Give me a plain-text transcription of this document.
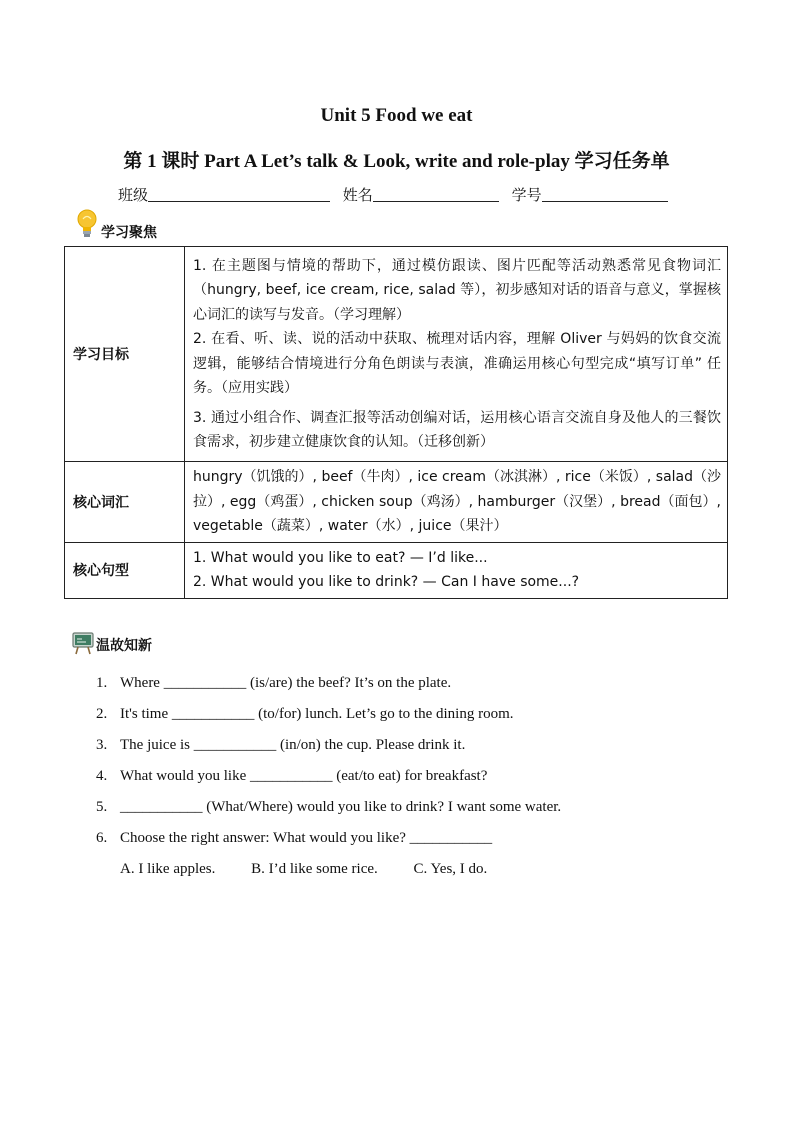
Unit 5 Food we eat
第 1 课时 Part A Let’s talk & Look, write and role-play 学习任务单
班级	姓名	学号
学习聚焦
学习目标	1. 在主题图与情境的帮助下，通过模仿跟读、图片匹配等活动熟悉常见食物词汇（hungry, beef, ice cream, rice, salad 等），初步感知对话的语音与意义，掌握核心词汇的读写与发音。（学习理解）

2. 在看、听、读、说的活动中获取、梳理对话内容，理解 Oliver 与妈妈的饮食交流逻辑，能够结合情境进行分角色朗读与表演，准确运用核心句型完成“填写订单” 任务。（应用实践）

3. 通过小组合作、调查汇报等活动创编对话，运用核心语言交流自身及他人的三餐饮食需求，初步建立健康饮食的认知。（迁移创新）

核心词汇	hungry（饥饿的）, beef（牛肉）, ice cream（冰淇淋）, rice（米饭）, salad（沙拉）, egg（鸡蛋）, chicken soup（鸡汤）, hamburger（汉堡）, bread（面包）, vegetable（蔬菜）, water（水）, juice（果汁）
核心句型	1. What would you like to eat? — I’d like...
2. What would you like to drink? — Can I have some...?
温故知新
1. Where ___________ (is/are) the beef? It’s on the plate.
2. It's time ___________ (to/for) lunch. Let’s go to the dining room.
3. The juice is ___________ (in/on) the cup. Please drink it.
4. What would you like ___________ (eat/to eat) for breakfast?
5. ___________ (What/Where) would you like to drink? I want some water.
6. Choose the right answer: What would you like? ___________
A. I like apples. B. I’d like some rice. C. Yes, I do.
